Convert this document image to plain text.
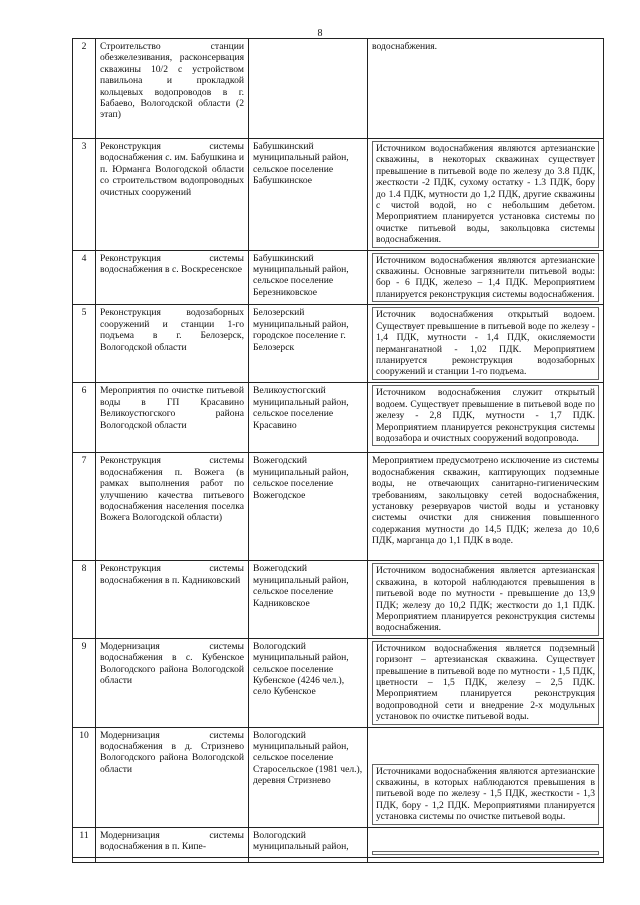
8
2	Строительство станции обезжелезивания, расконсервация скважины 10/2 с устройством павильона и прокладкой кольцевых водопроводов в г. Бабаево, Вологодской области (2 этап)		водоснабжения.
3	Реконструкция системы водоснабжения с. им. Бабушкина и п. Юрманга Вологодской области со строительством водопроводных очистных сооружений	Бабушкинский муниципальный район, сельское поселение Бабушкинское	Источником водоснабжения являются артезианские скважины, в некоторых скважинах существует превышение в питьевой воде по железу до 3.8 ПДК, жесткости -2 ПДК, сухому остатку - 1.3 ПДК, бору до 1.4 ПДК, мутности до 1,2 ПДК, другие скважины с чистой водой, но с небольшим дебетом. Мероприятием планируется установка системы по очистке питьевой воды, закольцовка системы водоснабжения.

4	Реконструкция системы водоснабжения в с. Воскресенское	Бабушкинский муниципальный район, сельское поселение Березниковское	Источником водоснабжения являются артезианские скважины. Основные загрязнители питьевой воды: бор - 6 ПДК, железо – 1,4 ПДК. Мероприятием планируется реконструкция системы водоснабжения.

5	Реконструкция водозаборных сооружений и станции 1-го подъема в г. Белозерск, Вологодской области	Белозерский муниципальный район, городское поселение г. Белозерск	Источник водоснабжения открытый водоем. Существует превышение в питьевой воде по железу - 1,4 ПДК, мутности - 1,4 ПДК, окисляемости перманганатной - 1,02 ПДК. Мероприятием планируется реконструкция водозаборных сооружений и станции 1-го подъема.

6	Мероприятия по очистке питьевой воды в ГП Красавино Великоустюгского района Вологодской области	Великоустюгский муниципальный район, сельское поселение Красавино	Источником водоснабжения служит открытый водоем. Существует превышение в питьевой воде по железу - 2,8 ПДК, мутности - 1,7 ПДК. Мероприятием планируется реконструкция системы водозабора и очистных сооружений водопровода.

7	Реконструкция системы водоснабжения п. Вожега (в рамках выполнения работ по улучшению качества питьевого водоснабжения населения поселка Вожега Вологодской области)	Вожегодский муниципальный район, сельское поселение Вожегодское	Мероприятием предусмотрено исключение из системы водоснабжения скважин, каптирующих подземные воды, не отвечающих санитарно-гигиеническим требованиям, закольцовку сетей водоснабжения, установку резервуаров чистой воды и установку системы очистки для снижения повышенного содержания мутности до 14,5 ПДК; железа до 10,6 ПДК, марганца до 1,1 ПДК в воде.
8	Реконструкция системы водоснабжения в п. Кадниковский	Вожегодский муниципальный район, сельское поселение Кадниковское	Источником водоснабжения является артезианская скважина, в которой наблюдаются превышения в питьевой воде по мутности - превышение до 13,9 ПДК; железу до 10,2 ПДК; жесткости до 1,1 ПДК. Мероприятием планируется реконструкция системы водоснабжения.

9	Модернизация системы водоснабжения в с. Кубенское Вологодского района Вологодской области	Вологодский муниципальный район, сельское поселение Кубенское (4246 чел.), село Кубенское	Источником водоснабжения является подземный горизонт – артезианская скважина. Существует превышение в питьевой воде по мутности - 1,5 ПДК, цветности – 1,5 ПДК, железу – 2,5 ПДК. Мероприятием планируется реконструкция водопроводной сети и внедрение 2-х модульных установок по очистке питьевой воды.

10	Модернизация системы водоснабжения в д. Стризнево Вологодского района Вологодской области	Вологодский муниципальный район, сельское поселение Старосельское (1981 чел.), деревня Стризнево	Источниками водоснабжения являются артезианские скважины, в которых наблюдаются превышения в питьевой воде по железу - 1,5 ПДК, жесткости - 1,3 ПДК, бору - 1,2 ПДК. Мероприятиями планируется установка системы по очистке питьевой воды.

11	Модернизация системы водоснабжения в п. Кипе-	Вологодский муниципальный район,	
